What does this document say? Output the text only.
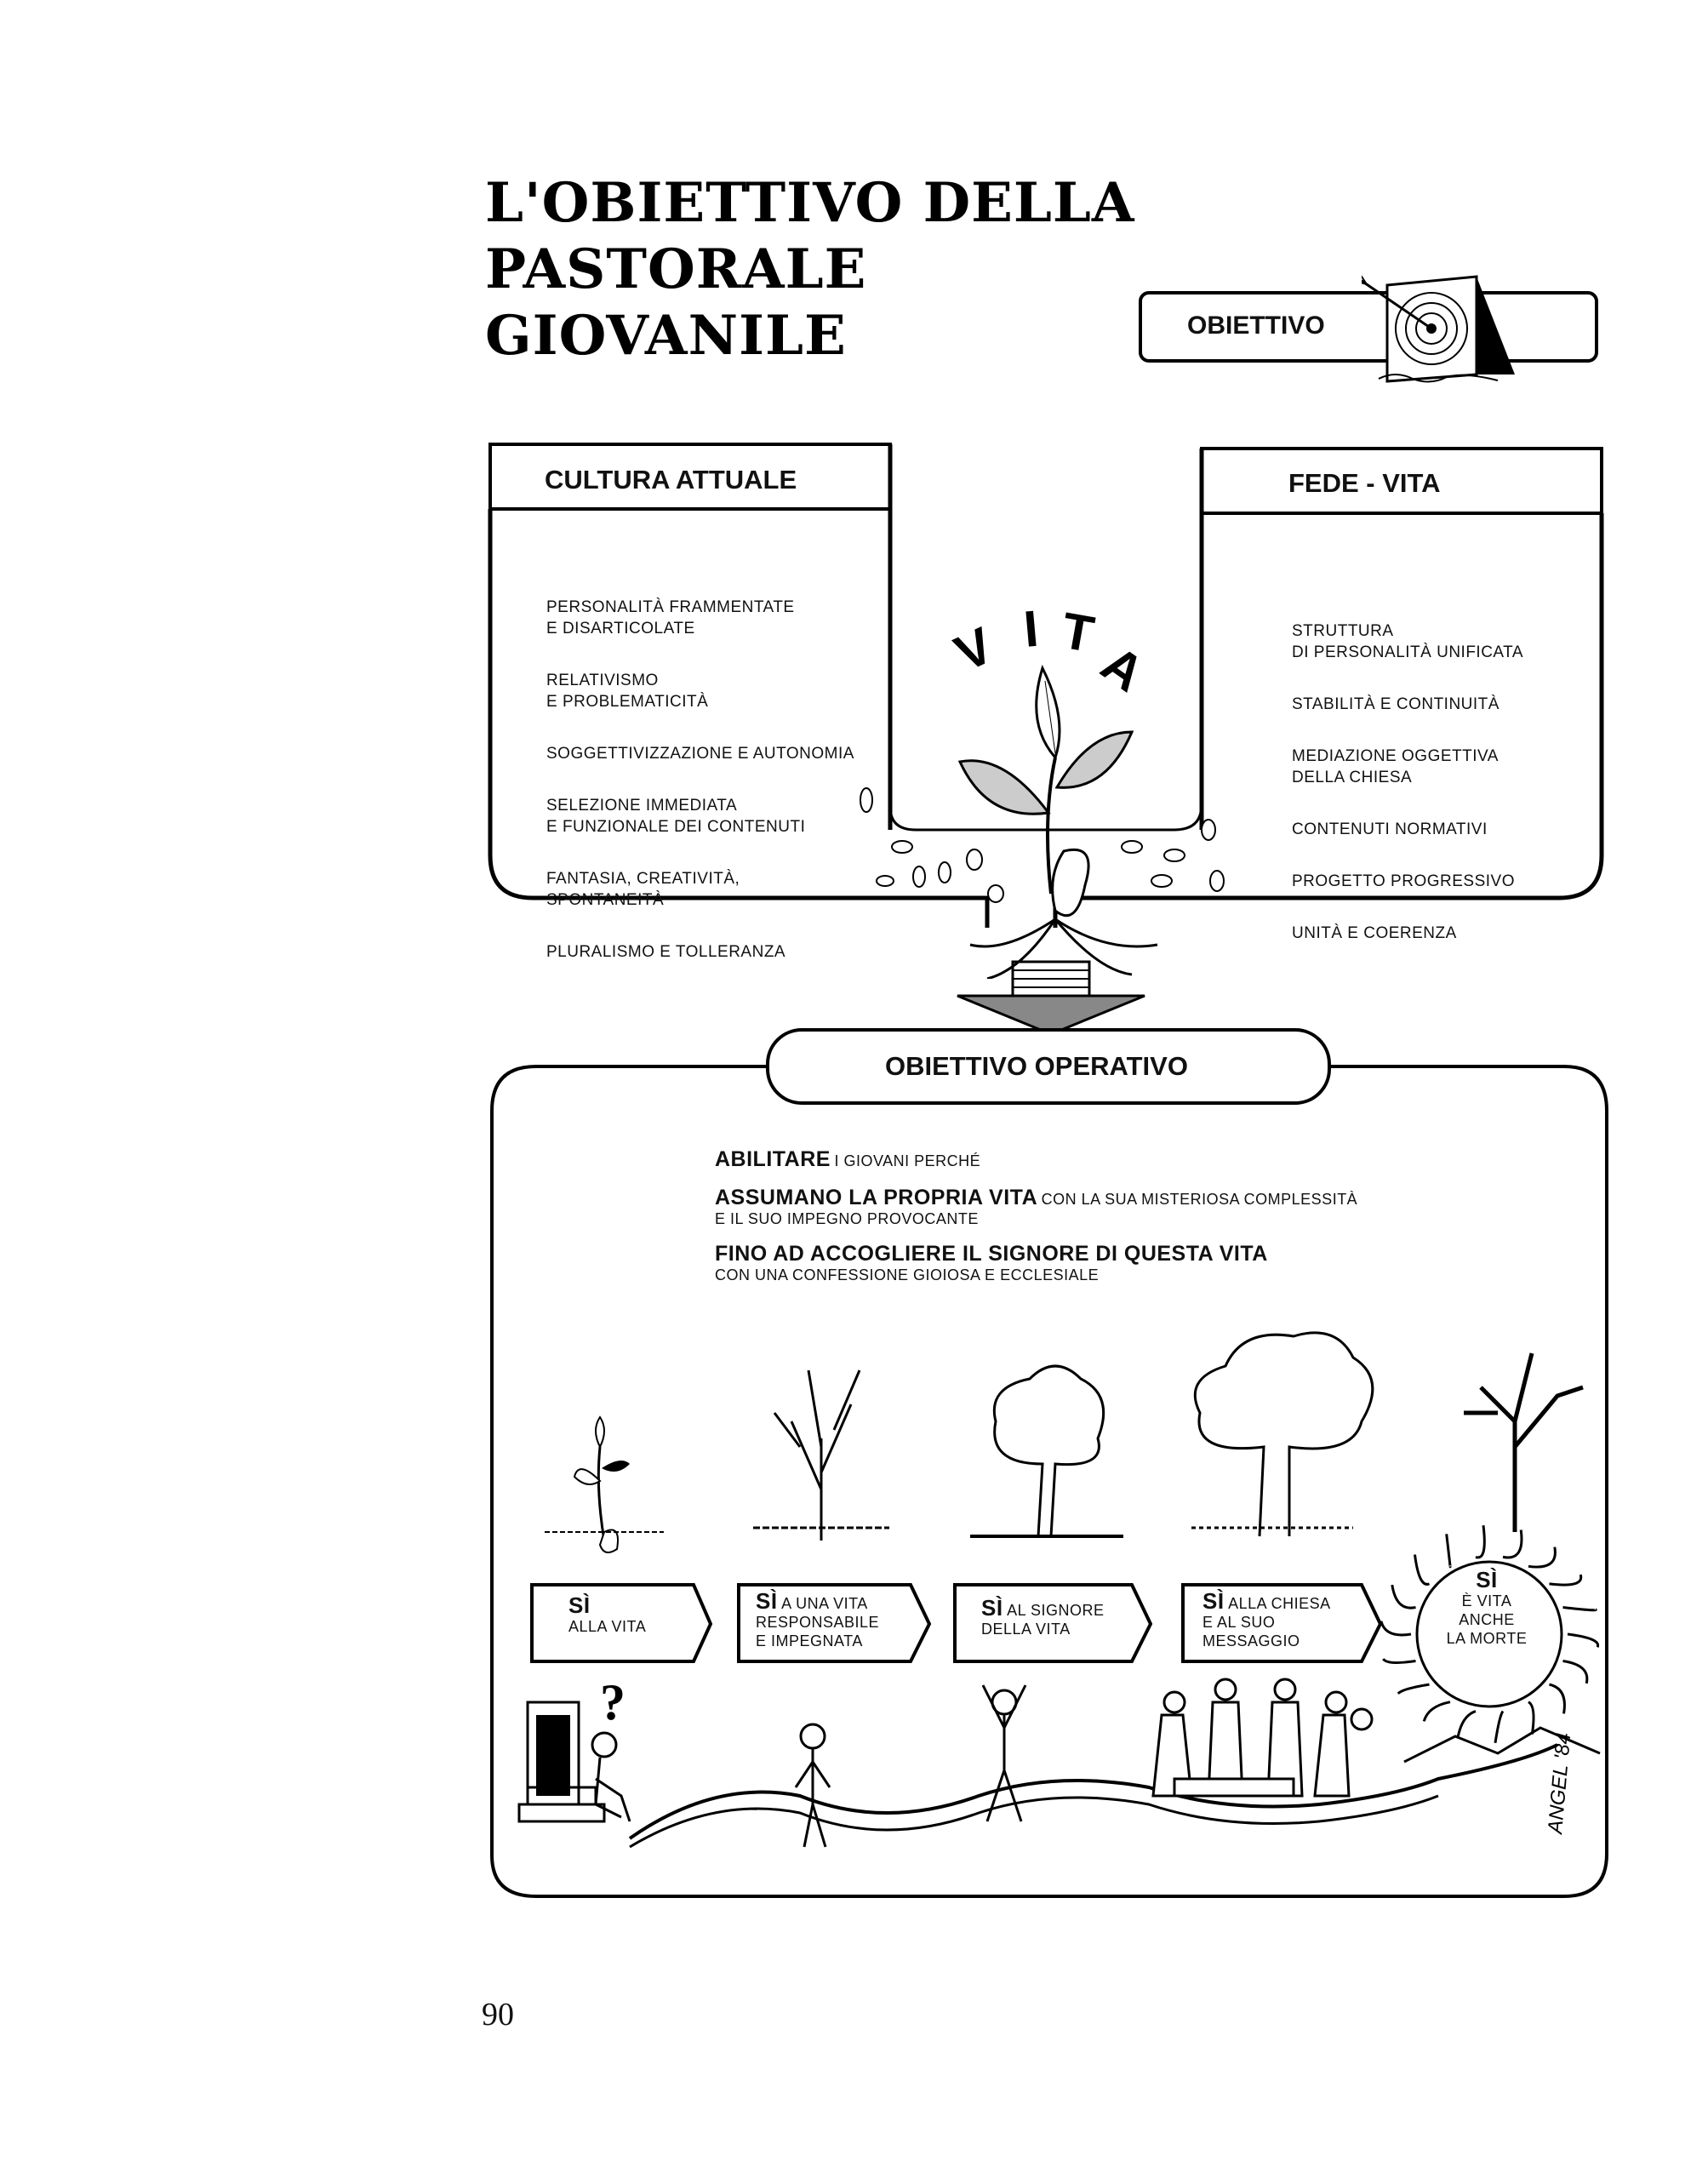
L'OBIETTIVO DELLA
PASTORALE
GIOVANILE	OBIETTIVO
CULTURA ATTUALE

PERSONALITÀ FRAMMENTATE
E DISARTICOLATE

RELATIVISMO
E PROBLEMATICITÀ

SOGGETTIVIZZAZIONE E AUTONOMIA

SELEZIONE IMMEDIATA
E FUNZIONALE DEI CONTENUTI

FANTASIA, CREATIVITÀ,
SPONTANEITÀ

PLURALISMO E TOLLERANZA

FEDE - VITA

STRUTTURA
DI PERSONALITÀ UNIFICATA

STABILITÀ E CONTINUITÀ

MEDIAZIONE OGGETTIVA
DELLA CHIESA

CONTENUTI NORMATIVI

PROGETTO PROGRESSIVO

UNITÀ E COERENZA

V I T
A
OBIETTIVO OPERATIVO
ABILITARE I GIOVANI PERCHÉ
ASSUMANO LA PROPRIA VITA CON LA SUA MISTERIOSA COMPLESSITÀ
E IL SUO IMPEGNO PROVOCANTE
FINO AD ACCOGLIERE IL SIGNORE DI QUESTA VITA
CON UNA CONFESSIONE GIOIOSA E ECCLESIALE
SÌ
È VITA
ANCHE
LA MORTE
SÌ
ALLA VITA
SÌ A UNA VITA
RESPONSABILE
E IMPEGNATA
SÌ AL SIGNORE
DELLA VITA
SÌ ALLA CHIESA
E AL SUO
MESSAGGIO
?
ANGEL '84
90
